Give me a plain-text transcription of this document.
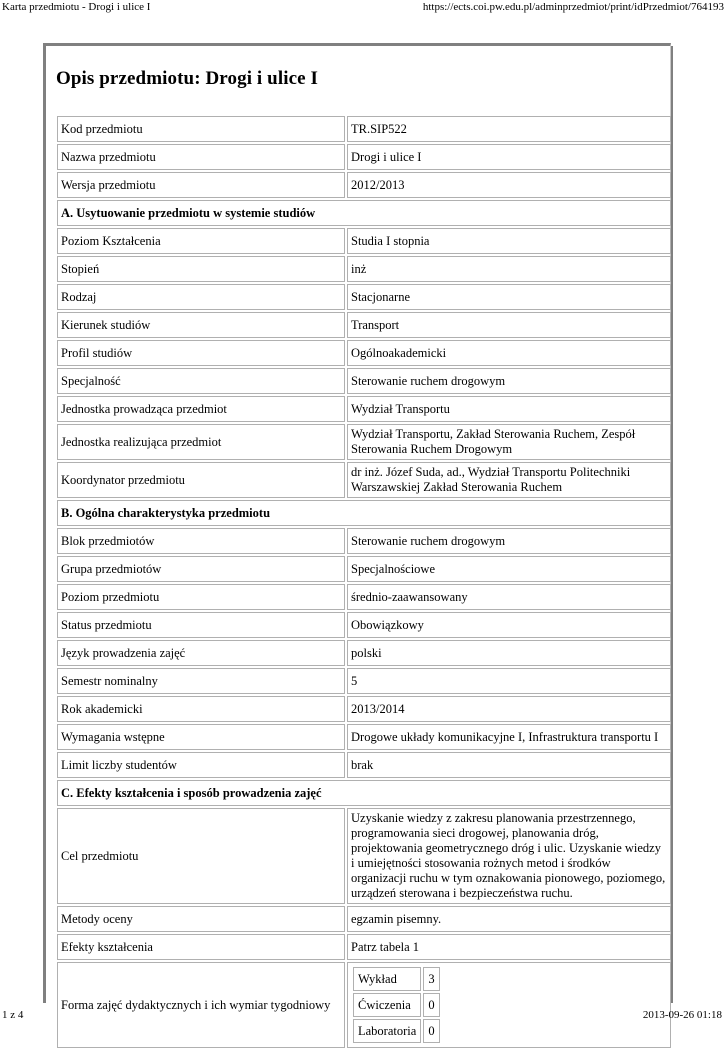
Karta przedmiotu - Drogi i ulice I	https://ects.coi.pw.edu.pl/adminprzedmiot/print/idPrzedmiot/764193
Opis przedmiotu: Drogi i ulice I
Kod przedmiotu	TR.SIP522
Nazwa przedmiotu	Drogi i ulice I
Wersja przedmiotu	2012/2013
A. Usytuowanie przedmiotu w systemie studiów
Poziom Kształcenia	Studia I stopnia
Stopień	inż
Rodzaj	Stacjonarne
Kierunek studiów	Transport
Profil studiów	Ogólnoakademicki
Specjalność	Sterowanie ruchem drogowym
Jednostka prowadząca przedmiot	Wydział Transportu
Jednostka realizująca przedmiot	Wydział Transportu, Zakład Sterowania Ruchem, Zespół Sterowania Ruchem Drogowym
Koordynator przedmiotu	dr inż. Józef Suda, ad., Wydział Transportu Politechniki Warszawskiej Zakład Sterowania Ruchem
B. Ogólna charakterystyka przedmiotu
Blok przedmiotów	Sterowanie ruchem drogowym
Grupa przedmiotów	Specjalnościowe
Poziom przedmiotu	średnio-zaawansowany
Status przedmiotu	Obowiązkowy
Język prowadzenia zajęć	polski
Semestr nominalny	5
Rok akademicki	2013/2014
Wymagania wstępne	Drogowe układy komunikacyjne I, Infrastruktura transportu I
Limit liczby studentów	brak
C. Efekty kształcenia i sposób prowadzenia zajęć
Cel przedmiotu	Uzyskanie wiedzy z zakresu planowania przestrzennego, programowania sieci drogowej, planowania dróg, projektowania geometrycznego dróg i ulic. Uzyskanie wiedzy i umiejętności stosowania rożnych metod i środków organizacji ruchu w tym oznakowania pionowego, poziomego, urządzeń sterowana i bezpieczeństwa ruchu.
Metody oceny	egzamin pisemny.
Efekty kształcenia	Patrz tabela 1
Forma zajęć dydaktycznych i ich wymiar tygodniowy	
Wykład	3
Ćwiczenia	0
Laboratoria	0
1 z 4	2013-09-26 01:18
